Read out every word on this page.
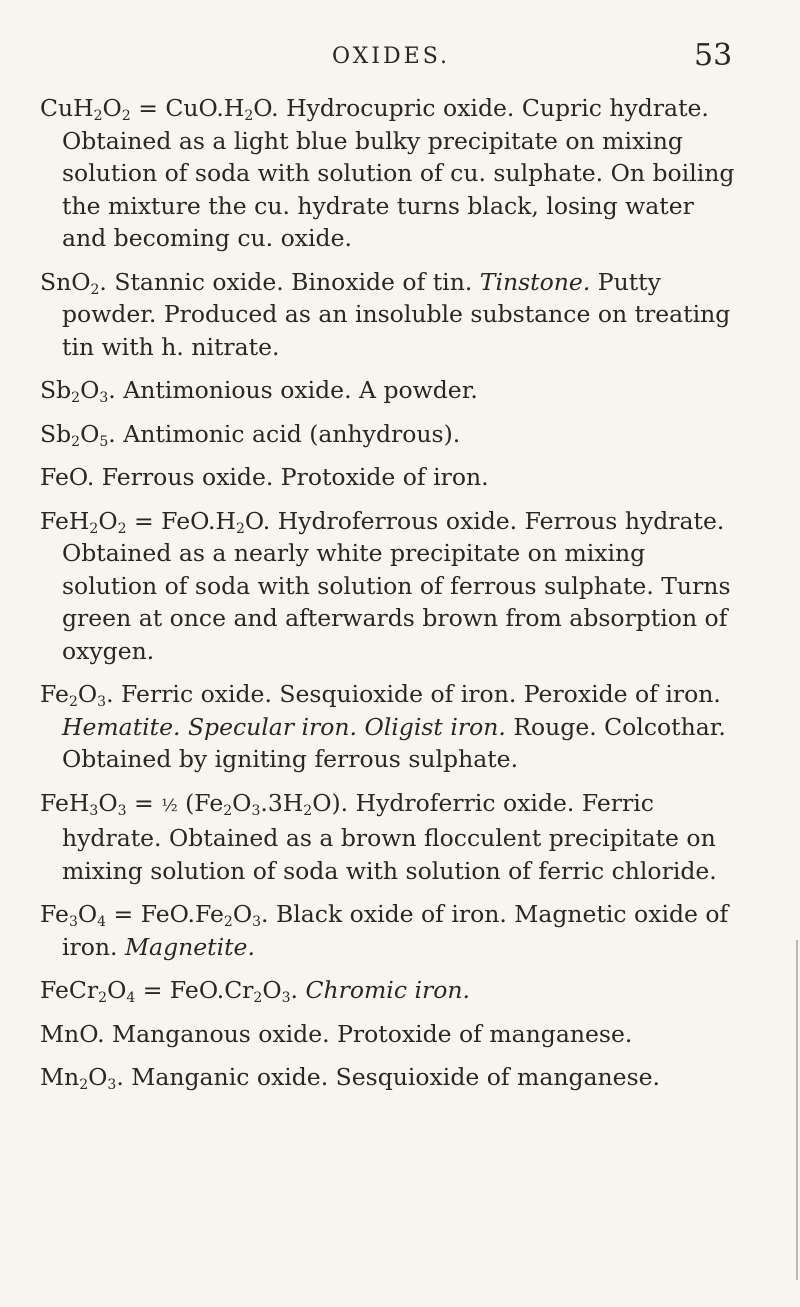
OXIDES.	53

$CuH_2O_2 = CuO.H_2O$. Hydrocupric oxide. Cupric hydrate. Obtained as a light blue bulky precipitate on mixing solution of soda with solution of cu. sulphate. On boiling the mixture the cu. hydrate turns black, losing water and becoming cu. oxide.

SnO$_2$. Stannic oxide. Binoxide of tin. Tinstone. Putty powder. Produced as an insoluble substance on treating tin with h. nitrate.

$Sb_2O_3$. Antimonious oxide. A powder.

$Sb_2O_5$. Antimonic acid (anhydrous).

FeO. Ferrous oxide. Protoxide of iron.

$FeH_2O_2 = FeO.H_2O$. Hydroferrous oxide. Ferrous hydrate. Obtained as a nearly white precipitate on mixing solution of soda with solution of ferrous sulphate. Turns green at once and afterwards brown from absorption of oxygen.

$Fe_2O_3$. Ferric oxide. Sesquioxide of iron. Peroxide of iron. Hematite. Specular iron. Oligist iron. Rouge. Colcothar. Obtained by igniting ferrous sulphate.

$FeH_3O_3$ = ½ $(Fe_2O_3.3H_2O)$. Hydroferric oxide. Ferric hydrate. Obtained as a brown flocculent precipitate on mixing solution of soda with solution of ferric chloride.

$Fe_3O_4 = FeO.Fe_2O_3$. Black oxide of iron. Magnetic oxide of iron. Magnetite.

$FeCr_2O_4 = FeO.Cr_2O_3$. Chromic iron.

MnO. Manganous oxide. Protoxide of manganese.

$Mn_2O_3$. Manganic oxide. Sesquioxide of manganese.
